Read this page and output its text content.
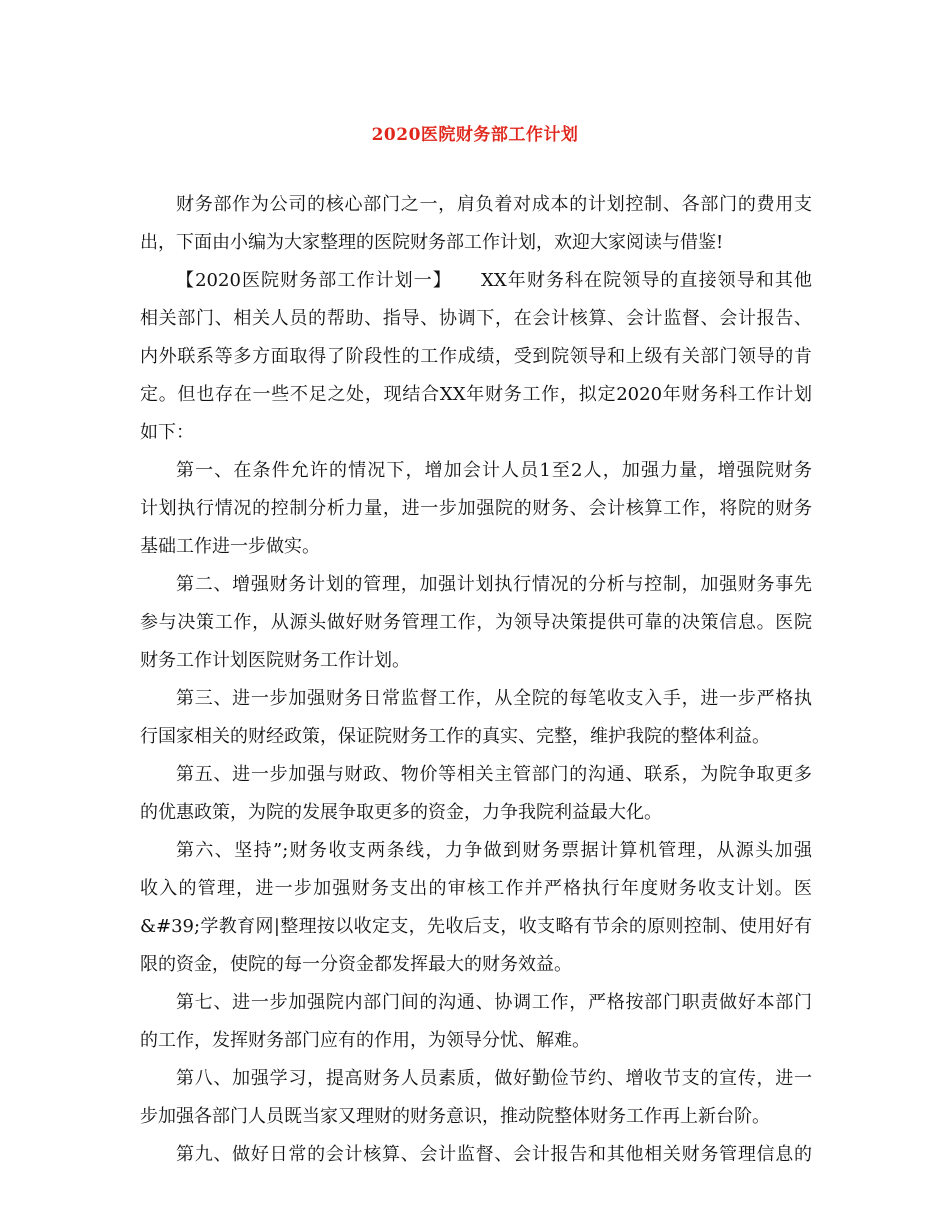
2020医院财务部工作计划
财务部作为公司的核心部门之一，肩负着对成本的计划控制、各部门的费用支
出，下面由小编为大家整理的医院财务部工作计划，欢迎大家阅读与借鉴!
【2020医院财务部工作计划一】　　XX年财务科在院领导的直接领导和其他
相关部门、相关人员的帮助、指导、协调下，在会计核算、会计监督、会计报告、
内外联系等多方面取得了阶段性的工作成绩，受到院领导和上级有关部门领导的肯
定。但也存在一些不足之处，现结合XX年财务工作，拟定2020年财务科工作计划
如下：
第一、在条件允许的情况下，增加会计人员1至2人，加强力量，增强院财务
计划执行情况的控制分析力量，进一步加强院的财务、会计核算工作，将院的财务
基础工作进一步做实。
第二、增强财务计划的管理，加强计划执行情况的分析与控制，加强财务事先
参与决策工作，从源头做好财务管理工作，为领导决策提供可靠的决策信息。医院
财务工作计划医院财务工作计划。
第三、进一步加强财务日常监督工作，从全院的每笔收支入手，进一步严格执
行国家相关的财经政策，保证院财务工作的真实、完整，维护我院的整体利益。
第五、进一步加强与财政、物价等相关主管部门的沟通、联系，为院争取更多
的优惠政策，为院的发展争取更多的资金，力争我院利益最大化。
第六、坚持”;财务收支两条线，力争做到财务票据计算机管理，从源头加强
收入的管理，进一步加强财务支出的审核工作并严格执行年度财务收支计划。医
&#39;学教育网|整理按以收定支，先收后支，收支略有节余的原则控制、使用好有
限的资金，使院的每一分资金都发挥最大的财务效益。
第七、进一步加强院内部门间的沟通、协调工作，严格按部门职责做好本部门
的工作，发挥财务部门应有的作用，为领导分忧、解难。
第八、加强学习，提高财务人员素质，做好勤俭节约、增收节支的宣传，进一
步加强各部门人员既当家又理财的财务意识，推动院整体财务工作再上新台阶。
第九、做好日常的会计核算、会计监督、会计报告和其他相关财务管理信息的
